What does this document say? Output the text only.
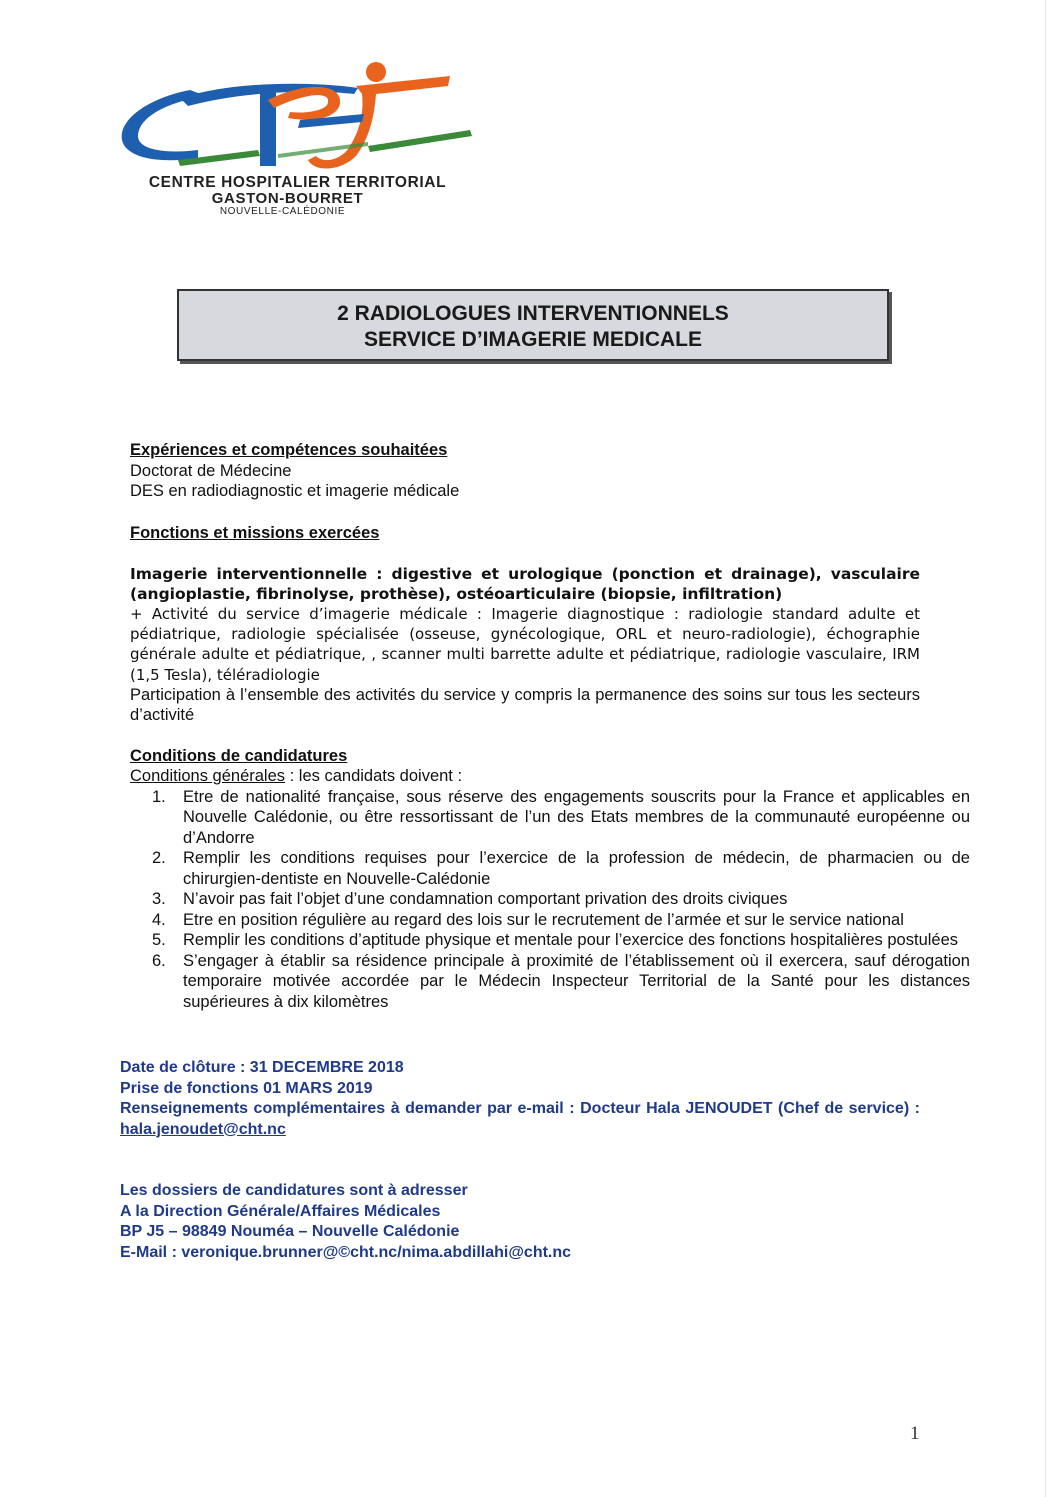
CENTRE HOSPITALIER TERRITORIAL
GASTON-BOURRET
NOUVELLE-CALÉDONIE
2 RADIOLOGUES INTERVENTIONNELS
SERVICE D’IMAGERIE MEDICALE
Expériences et compétences souhaitées
Doctorat de Médecine
DES en radiodiagnostic et imagerie médicale
Fonctions et missions exercées
Imagerie interventionnelle : digestive et urologique (ponction et drainage), vasculaire (angioplastie, fibrinolyse, prothèse), ostéoarticulaire (biopsie, infiltration)
+ Activité du service d’imagerie médicale : Imagerie diagnostique : radiologie standard adulte et pédiatrique, radiologie spécialisée (osseuse, gynécologique, ORL et neuro-radiologie), échographie générale adulte et pédiatrique, , scanner multi barrette adulte et pédiatrique, radiologie vasculaire, IRM (1,5 Tesla), téléradiologie
Participation à l’ensemble des activités du service y compris la permanence des soins sur tous les secteurs d’activité
Conditions de candidatures
Conditions générales : les candidats doivent :
1. Etre de nationalité française, sous réserve des engagements souscrits pour la France et applicables en Nouvelle Calédonie, ou être ressortissant de l’un des Etats membres de la communauté européenne ou d’Andorre
2. Remplir les conditions requises pour l’exercice de la profession de médecin, de pharmacien ou de chirurgien-dentiste en Nouvelle-Calédonie
3. N’avoir pas fait l’objet d’une condamnation comportant privation des droits civiques
4. Etre en position régulière au regard des lois sur le recrutement de l’armée et sur le service national
5. Remplir les conditions d’aptitude physique et mentale pour l’exercice des fonctions hospitalières postulées
6. S’engager à établir sa résidence principale à proximité de l’établissement où il exercera, sauf dérogation temporaire motivée accordée par le Médecin Inspecteur Territorial de la Santé pour les distances supérieures à dix kilomètres
Date de clôture : 31 DECEMBRE 2018
Prise de fonctions 01 MARS 2019
Renseignements complémentaires à demander par e-mail : Docteur Hala JENOUDET (Chef de service) : hala.jenoudet@cht.nc
Les dossiers de candidatures sont à adresser
A la Direction Générale/Affaires Médicales
BP J5 – 98849 Nouméa – Nouvelle Calédonie
E-Mail : veronique.brunner@©cht.nc/nima.abdillahi@cht.nc
1
